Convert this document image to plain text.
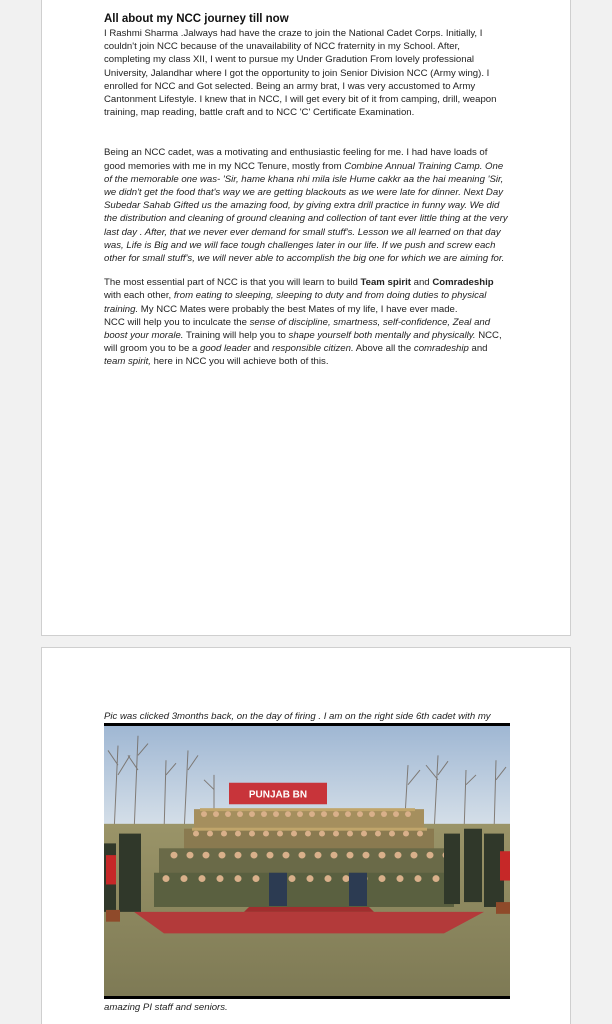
All about my NCC journey till now
I Rashmi Sharma .Jalways had have the craze to join the National Cadet Corps. Initially, I couldn't join NCC because of the unavailability of NCC fraternity in my School. After, completing my class XII, I went to pursue my Under Gradution From lovely professional University, Jalandhar where I got the opportunity to join Senior Division NCC (Army wing). I enrolled for NCC and Got selected. Being an army brat, I was very accustomed to Army Cantonment Lifestyle. I knew that in NCC, I will get every bit of it from camping, drill, weapon training, map reading, battle craft and to NCC 'C' Certificate Examination.
Being an NCC cadet, was a motivating and enthusiastic feeling for me. I had have loads of good memories with me in my NCC Tenure, mostly from Combine Annual Training Camp. One of the memorable one was- 'Sir, hame khana nhi mila isle Hume cakkr aa the hai meaning 'Sir, we didn't get the food that's way we are getting blackouts as we were late for dinner. Next Day Subedar Sahab Gifted us the amazing food, by giving extra drill practice in funny way. We did the distribution and cleaning of ground cleaning and collection of tant ever little thing at the very last day . After, that we never ever demand for small stuff's. Lesson we all learned on that day was, Life is Big and we will face tough challenges later in our life. If we push and screw each other for small stuff's, we will never able to accomplish the big one for which we are aiming for.
The most essential part of NCC is that you will learn to build Team spirit and Comradeship with each other, from eating to sleeping, sleeping to duty and from doing duties to physical training. My NCC Mates were probably the best Mates of my life, I have ever made.
NCC will help you to inculcate the sense of discipline, smartness, self-confidence, Zeal and boost your morale. Training will help you to shape yourself both mentally and physically. NCC, will groom you to be a good leader and responsible citizen. Above all the comradeship and team spirit, here in NCC you will achieve both of this.
Pic was clicked 3months back, on the day of firing . I am on the right side 6th cadet with my
PUNJAB BN
amazing PI staff and seniors.
